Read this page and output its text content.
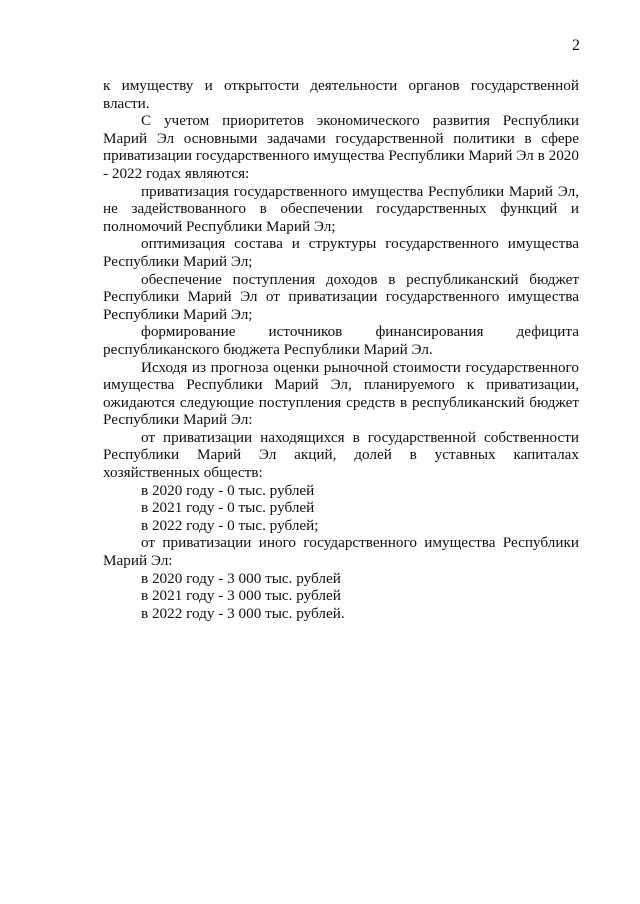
2

к имуществу и открытости деятельности органов государственной власти.

С учетом приоритетов экономического развития Республики Марий Эл основными задачами государственной политики в сфере приватизации государственного имущества Республики Марий Эл в 2020 - 2022 годах являются:

приватизация государственного имущества Республики Марий Эл, не задействованного в обеспечении государственных функций и полномочий Республики Марий Эл;

оптимизация состава и структуры государственного имущества Республики Марий Эл;

обеспечение поступления доходов в республиканский бюджет Республики Марий Эл от приватизации государственного имущества Республики Марий Эл;

формирование источников финансирования дефицита республиканского бюджета Республики Марий Эл.

Исходя из прогноза оценки рыночной стоимости государственного имущества Республики Марий Эл, планируемого к приватизации, ожидаются следующие поступления средств в республиканский бюджет Республики Марий Эл:

от приватизации находящихся в государственной собственности Республики Марий Эл акций, долей в уставных капиталах хозяйственных обществ:

в 2020 году - 0 тыс. рублей

в 2021 году - 0 тыс. рублей

в 2022 году - 0 тыс. рублей;

от приватизации иного государственного имущества Республики Марий Эл:

в 2020 году - 3 000 тыс. рублей

в 2021 году - 3 000 тыс. рублей

в 2022 году - 3 000 тыс. рублей.
